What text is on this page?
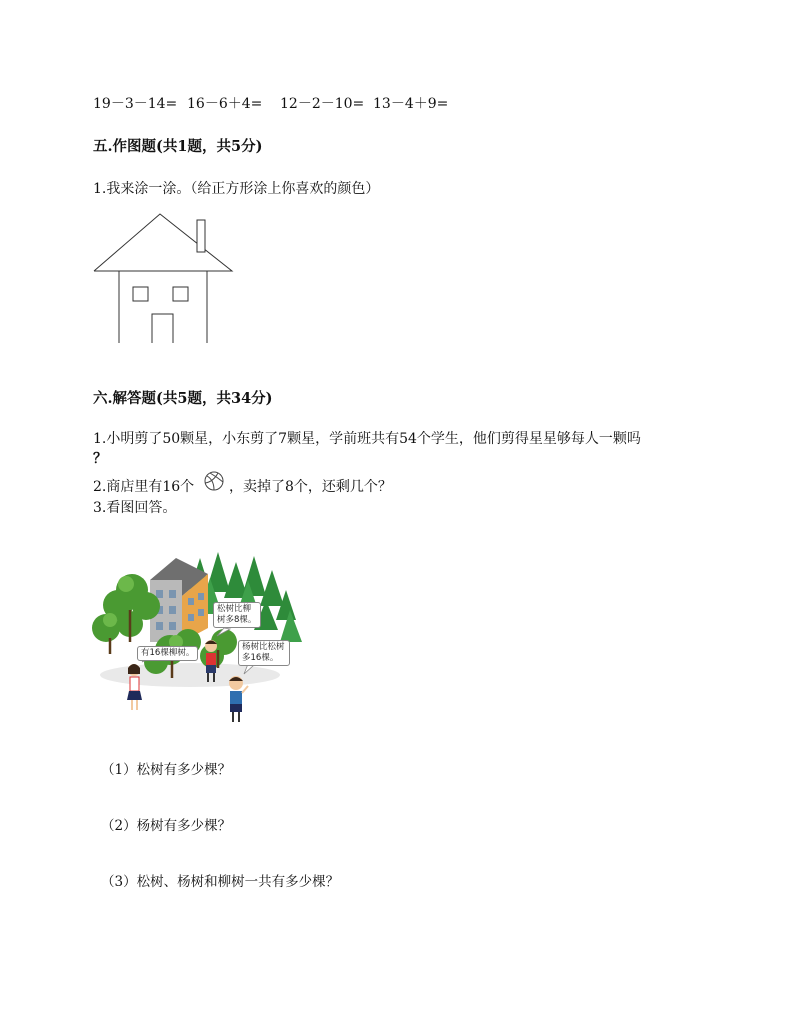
19－3－14= 16－6＋4= 12－2－10= 13－4＋9=
五.作图题(共1题，共5分)
1.我来涂一涂。（给正方形涂上你喜欢的颜色）
六.解答题(共5题，共34分)
1.小明剪了50颗星，小东剪了7颗星，学前班共有54个学生，他们剪得星星够每人一颗吗
？
2.商店里有16个 ，卖掉了8个，还剩几个？
3.看图回答。
有16棵柳树。
松树比柳树多8棵。
杨树比松树多16棵。
（1）松树有多少棵？
（2）杨树有多少棵？
（3）松树、杨树和柳树一共有多少棵？
